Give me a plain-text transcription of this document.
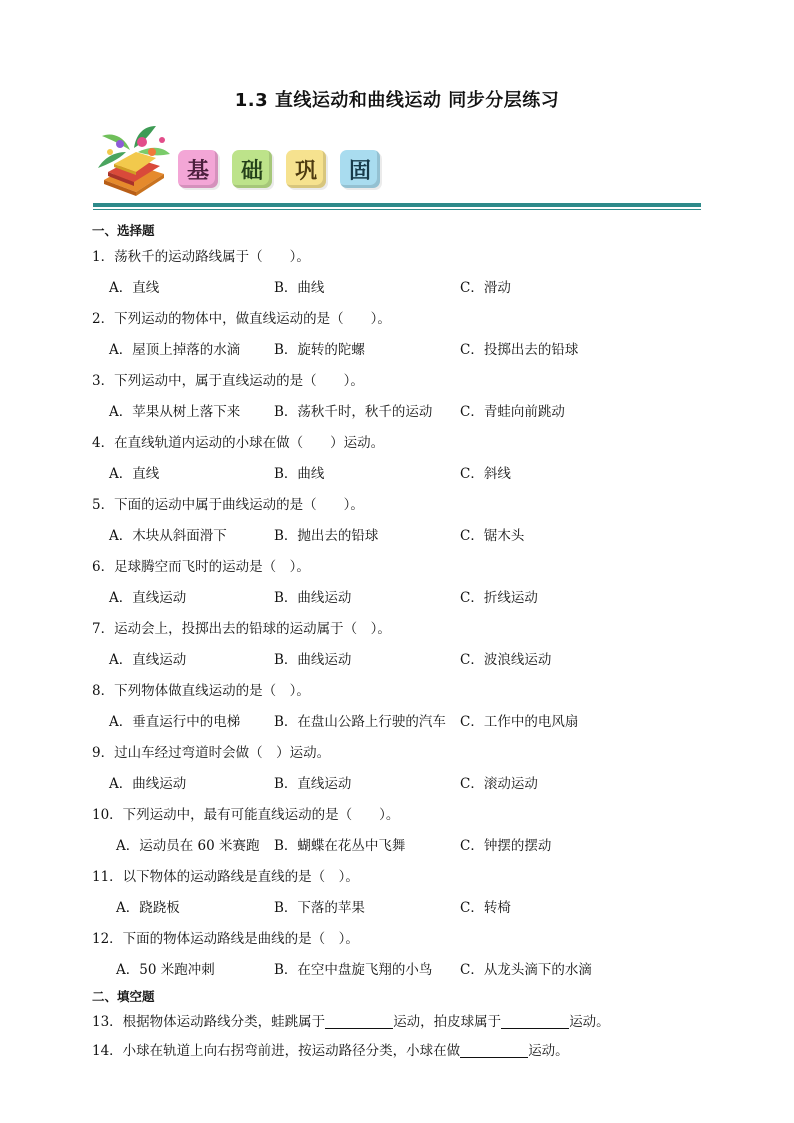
1.3 直线运动和曲线运动 同步分层练习
基	础	巩	固
一、选择题
1．荡秋千的运动路线属于（　　）。
A．直线	B．曲线	C．滑动
2．下列运动的物体中，做直线运动的是（　　）。
A．屋顶上掉落的水滴	B．旋转的陀螺	C．投掷出去的铅球
3．下列运动中，属于直线运动的是（　　）。
A．苹果从树上落下来	B．荡秋千时，秋千的运动 C．青蛙向前跳动
4．在直线轨道内运动的小球在做（　　）运动。
A．直线	B．曲线	C．斜线
5．下面的运动中属于曲线运动的是（　　）。
A．木块从斜面滑下	B．抛出去的铅球	C．锯木头
6．足球腾空而飞时的运动是（　）。
A．直线运动	B．曲线运动	C．折线运动
7．运动会上，投掷出去的铅球的运动属于（　）。
A．直线运动	B．曲线运动	C．波浪线运动
8．下列物体做直线运动的是（　）。
A．垂直运行中的电梯	B．在盘山公路上行驶的汽车 C．工作中的电风扇
9．过山车经过弯道时会做（　）运动。
A．曲线运动	B．直线运动	C．滚动运动
10．下列运动中，最有可能直线运动的是（　　）。
A．运动员在 60 米赛跑 B．蝴蝶在花丛中飞舞	C．钟摆的摆动
11．以下物体的运动路线是直线的是（　）。
A．跷跷板	B．下落的苹果	C．转椅
12．下面的物体运动路线是曲线的是（　）。
A．50 米跑冲刺	B．在空中盘旋飞翔的小鸟 C．从龙头滴下的水滴
二、填空题
13．根据物体运动路线分类，蛙跳属于	运动，拍皮球属于	运动。
14．小球在轨道上向右拐弯前进，按运动路径分类，小球在做	运动。
